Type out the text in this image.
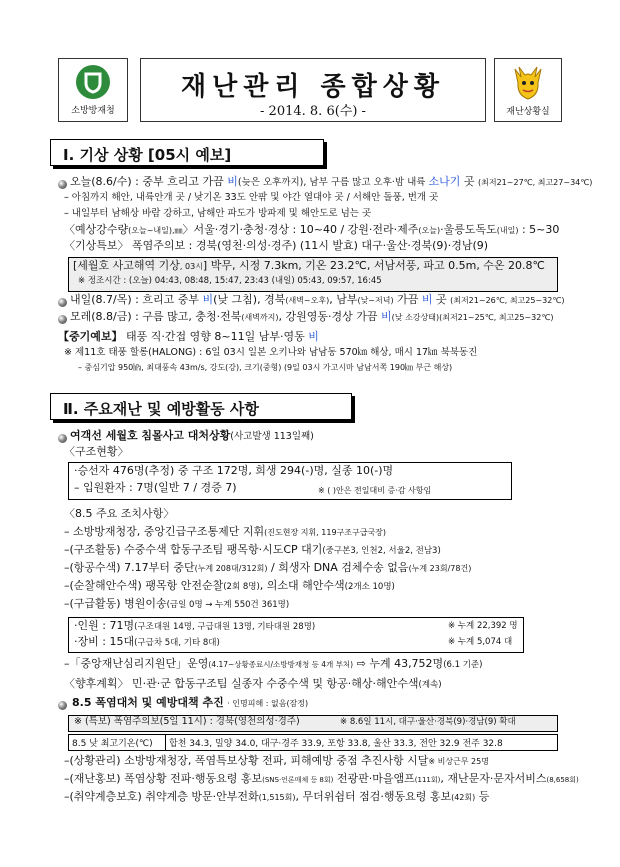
소방방재청
재난관리 종합상황
- 2014. 8. 6(수) -	재난상황실
Ⅰ. 기상 상황 [05시 예보]
오늘(8.6/수) : 중부 흐리고 가끔 비(늦은 오후까지), 남부 구름 많고 오후·밤 내륙 소나기 곳 (최저21~27℃, 최고27~34℃)
– 아침까지 해안, 내륙안개 곳 / 낮기온 33도 안팎 및 야간 열대야 곳 / 서해안 돌풍, 번개 곳
– 내일부터 남해상 바람 강하고, 남해안 파도가 방파제 및 해안도로 넘는 곳
〈예상강수량(오늘~내일),㎜〉서울·경기·충청·경상 : 10~40 / 강원·전라·제주(오늘)·울릉도독도(내일) : 5~30
〈기상특보〉 폭염주의보 : 경북(영천·의성·경주) (11시 발효) 대구·울산·경북(9)·경남(9)
[세월호 사고해역 기상, 03시] 박무, 시정 7.3km, 기온 23.2℃, 서남서풍, 파고 0.5m, 수온 20.8℃
※ 정조시간 : (오늘) 04:43, 08:48, 15:47, 23:43 (내일) 05:43, 09:57, 16:45
내일(8.7/목) : 흐리고 중부 비(낮 그침), 경북(새벽~오후), 남부(낮~저녁) 가끔 비 곳 (최저21~26℃, 최고25~32℃)
모레(8.8/금) : 구름 많고, 충청·전북(새벽까지), 강원영동·경상 가끔 비(낮 소강상태)(최저21~25℃, 최고25~32℃)
【중기예보】 태풍 직·간접 영향 8~11일 남부·영동 비
※ 제11호 태풍 할롱(HALONG) : 6일 03시 일본 오키나와 남남동 570㎞ 해상, 매시 17㎞ 북북동진
– 중심기압 950㍱, 최대풍속 43m/s, 강도(강), 크기(중형) (9일 03시 가고시마 남남서쪽 190㎞ 부근 해상)
Ⅱ. 주요재난 및 예방활동 사항
여객선 세월호 침몰사고 대처상황(사고발생 113일째)
〈구조현황〉
·승선자 476명(추정) 중 구조 172명, 희생 294(-)명, 실종 10(-)명
– 입원환자 : 7명(일반 7 / 경증 7)	※ ( )안은 전일대비 증·감 사항임
〈8.5 주요 조치사항〉
– 소방방재청장, 중앙긴급구조통제단 지휘(진도현장 지휘, 119구조구급국장)
–(구조활동) 수중수색 합동구조팀 팽목항·시도CP 대기(중구본3, 인천2, 서울2, 전남3)
–(항공수색) 7.17부터 중단(누계 208대/312회) / 희생자 DNA 검체수송 없음(누계 23회/78건)
–(순찰해안수색) 팽목항 안전순찰(2회 8명), 의소대 해안수색(2개소 10명)
–(구급활동) 병원이송(금일 0명 → 누계 550건 361명)
·인원 : 71명(구조대원 14명, 구급대원 13명, 기타대원 28명)	※ 누계 22,392 명
·장비 : 15대(구급차 5대, 기타 8대)	※ 누계 5,074 대
–「중앙재난심리지원단」운영(4.17~상황종료시/소방방재청 등 4개 부처) ⇨ 누계 43,752명(6.1 기준)
〈향후계획〉 민·관·군 합동구조팀 실종자 수중수색 및 항공·해상·해안수색(계속)
8.5 폭염대처 및 예방대책 추진 · 인명피해 : 없음(잠정)
※ (특보) 폭염주의보(5일 11시) : 경북(영천의성·경주)	※ 8.6일 11시, 대구·울산·경북(9)·경남(9) 확대
8.5 낮 최고기온(℃)	합천 34.3, 밀양 34.0, 대구·경주 33.9, 포항 33.8, 울산 33.3, 전안 32.9 전주 32.8
–(상황관리) 소방방재청장, 폭염특보상황 전파, 피해예방 중점 추진사항 시달※ 비상근무 25명
–(재난홍보) 폭염상황 전파·행동요령 홍보(SNS·언론매체 등 8회) 전광판·마을앰프(111회), 재난문자·문자서비스(8,658회)
–(취약계층보호) 취약계층 방문·안부전화(1,515회), 무더위쉼터 점검·행동요령 홍보(42회) 등
